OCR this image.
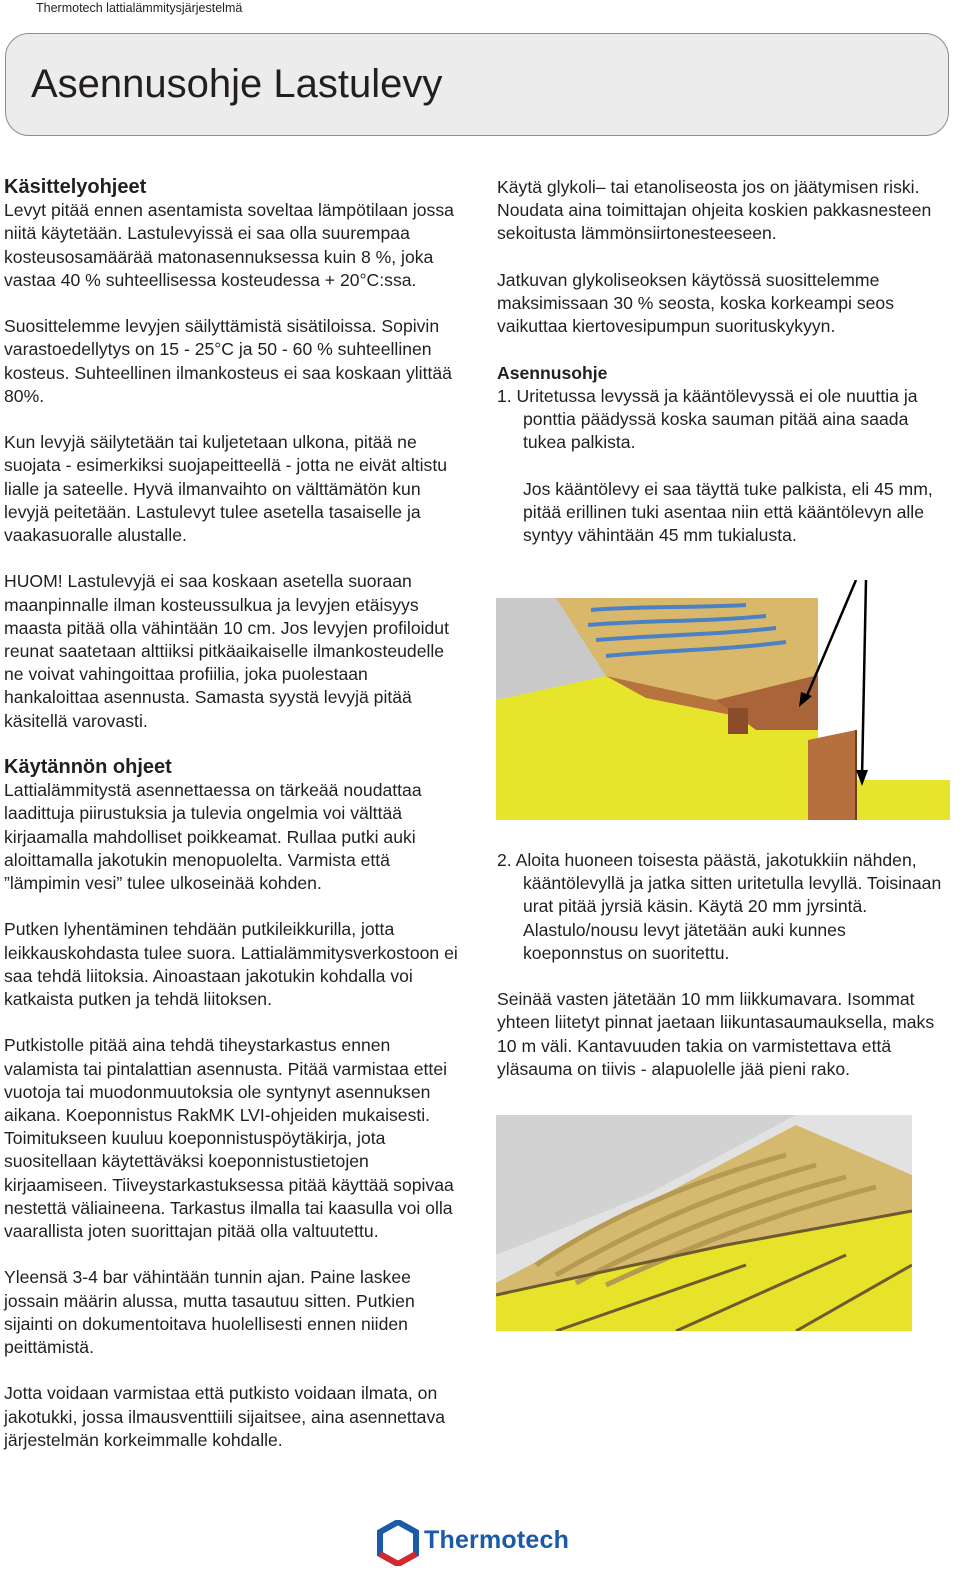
Thermotech lattialämmitysjärjestelmä
Asennusohje Lastulevy
Käsittelyohjeet

Levyt pitää ennen asentamista soveltaa lämpötilaan jossa niitä käytetään. Lastulevyissä ei saa olla suurempaa kosteusosamäärää matonasennuksessa kuin 8 %, joka vastaa 40 % suhteellisessa kosteudessa + 20°C:ssa.

Suosittelemme levyjen säilyttämistä sisätiloissa. Sopivin varastoedellytys on 15 - 25°C ja 50 - 60 % suhteellinen kosteus. Suhteellinen ilmankosteus ei saa koskaan ylittää 80%.

Kun levyjä säilytetään tai kuljetetaan ulkona, pitää ne suojata - esimerkiksi suojapeitteellä - jotta ne eivät altistu lialle ja sateelle. Hyvä ilmanvaihto on välttämätön kun levyjä peitetään. Lastulevyt tulee asetella tasaiselle ja vaakasuoralle alustalle.

HUOM! Lastulevyjä ei saa koskaan asetella suoraan maanpinnalle ilman kosteussulkua ja levyjen etäisyys maasta pitää olla vähintään 10 cm. Jos levyjen profiloidut reunat saatetaan alttiiksi pitkäaikaiselle ilmankosteudelle ne voivat vahingoittaa profiilia, joka puolestaan hankaloittaa asennusta. Samasta syystä levyjä pitää käsitellä varovasti.

Käytännön ohjeet

Lattialämmitystä asennettaessa on tärkeää noudattaa laadittuja piirustuksia ja tulevia ongelmia voi välttää kirjaamalla mahdolliset poikkeamat. Rullaa putki auki aloittamalla jakotukin menopuolelta. Varmista että ”lämpimin vesi” tulee ulkoseinää kohden.

Putken lyhentäminen tehdään putkileikkurilla, jotta leikkauskohdasta tulee suora. Lattialämmitysverkostoon ei saa tehdä liitoksia. Ainoastaan jakotukin kohdalla voi katkaista putken ja tehdä liitoksen.

Putkistolle pitää aina tehdä tiheystarkastus ennen valamista tai pintalattian asennusta. Pitää varmistaa ettei vuotoja tai muodonmuutoksia ole syntynyt asennuksen aikana. Koeponnistus RakMK LVI-ohjeiden mukaisesti. Toimitukseen kuuluu koeponnistuspöytäkirja, jota suositellaan käytettäväksi koeponnistustietojen kirjaamiseen. Tiiveystarkastuksessa pitää käyttää sopivaa nestettä väliaineena. Tarkastus ilmalla tai kaasulla voi olla vaarallista joten suorittajan pitää olla valtuutettu.

Yleensä 3-4 bar vähintään tunnin ajan. Paine laskee jossain määrin alussa, mutta tasautuu sitten. Putkien sijainti on dokumentoitava huolellisesti ennen niiden peittämistä.

Jotta voidaan varmistaa että putkisto voidaan ilmata, on jakotukki, jossa ilmausventtiili sijaitsee, aina asennettava järjestelmän korkeimmalle kohdalle.

Käytä glykoli– tai etanoliseosta jos on jäätymisen riski. Noudata aina toimittajan ohjeita koskien pakkasnesteen sekoitusta lämmönsiirtonesteeseen.

Jatkuvan glykoliseoksen käytössä suosittelemme maksimissaan 30 % seosta, koska korkeampi seos vaikuttaa kiertovesipumpun suorituskykyyn.

Asennusohje

1. Uritetussa levyssä ja kääntölevyssä ei ole nuuttia ja ponttia päädyssä koska sauman pitää aina saada tukea palkista.

Jos kääntölevy ei saa täyttä tuke palkista, eli 45 mm, pitää erillinen tuki asentaa niin että kääntölevyn alle syntyy vähintään 45 mm tukialusta.

2. Aloita huoneen toisesta päästä, jakotukkiin nähden, kääntölevyllä ja jatka sitten uritetulla levyllä. Toisinaan urat pitää jyrsiä käsin. Käytä 20 mm jyrsintä. Alastulo/nousu levyt jätetään auki kunnes koeponnstus on suoritettu.

Seinää vasten jätetään 10 mm liikkumavara. Isommat yhteen liitetyt pinnat jaetaan liikuntasaumauksella, maks 10 m väli. Kantavuuden takia on varmistettava että yläsauma on tiivis - alapuolelle jää pieni rako.

Thermotech
